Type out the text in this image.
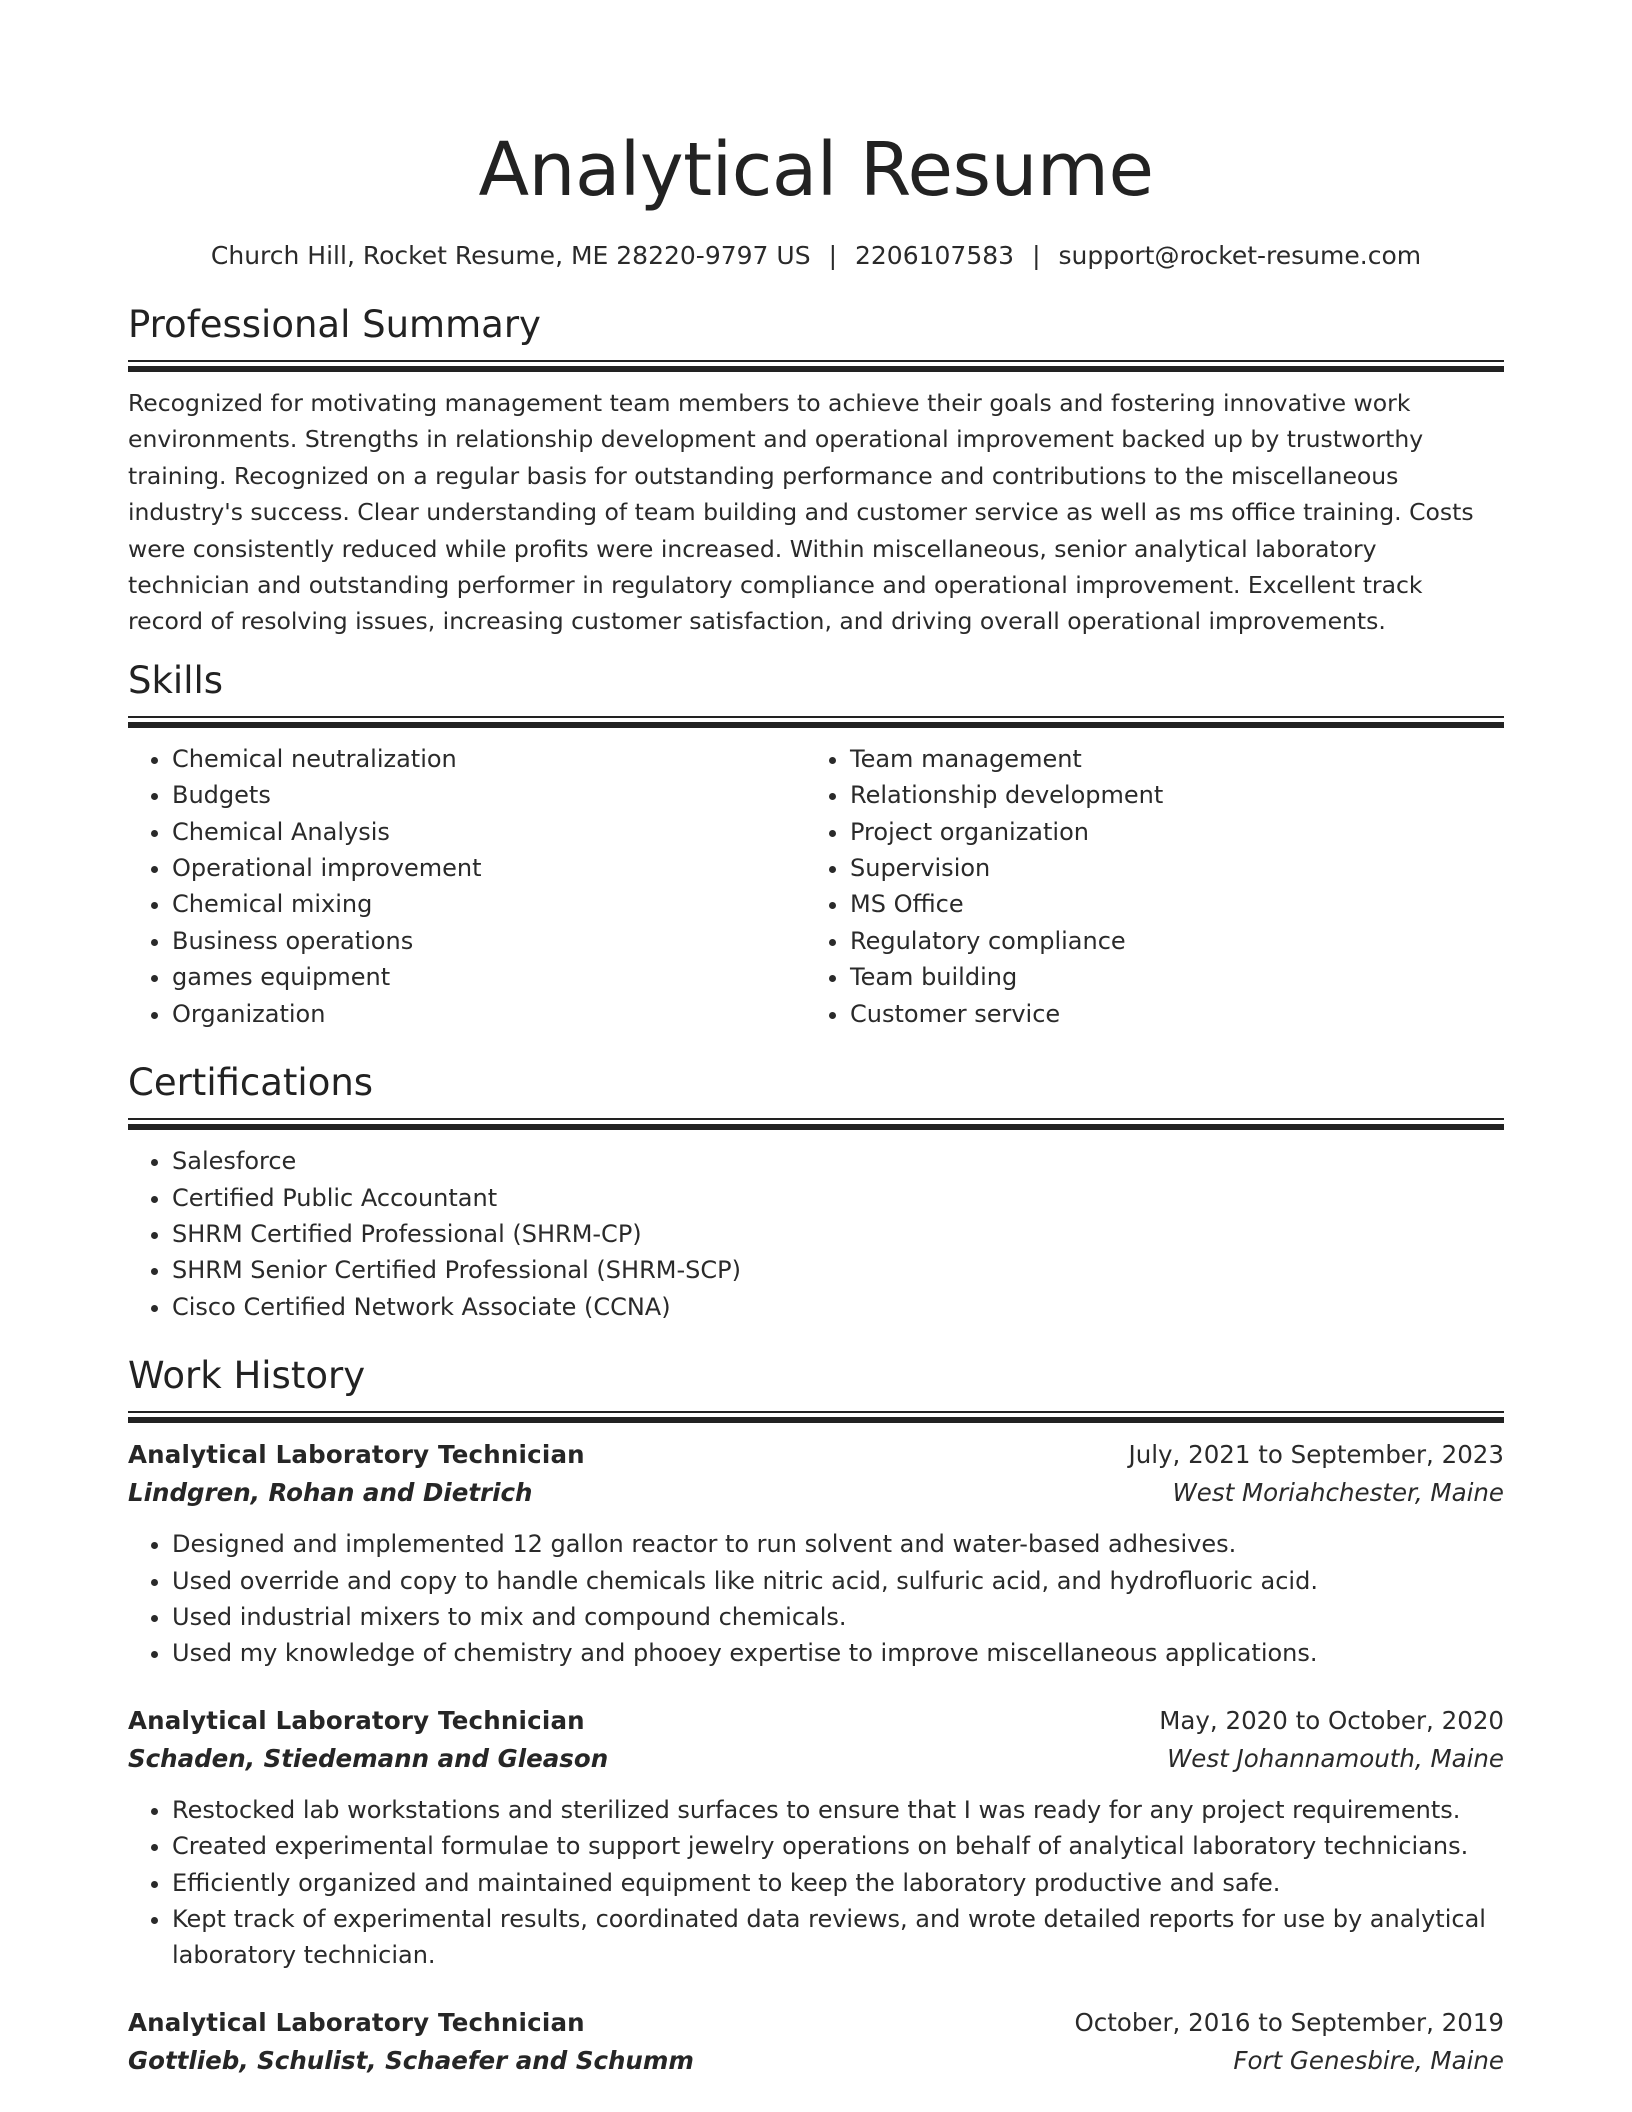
Analytical Resume
Church Hill, Rocket Resume, ME 28220-9797 US | 2206107583 | support@rocket-resume.com
Professional Summary

Recognized for motivating management team members to achieve their goals and fostering innovative work environments. Strengths in relationship development and operational improvement backed up by trustworthy training. Recognized on a regular basis for outstanding performance and contributions to the miscellaneous industry's success. Clear understanding of team building and customer service as well as ms office training. Costs were consistently reduced while profits were increased. Within miscellaneous, senior analytical laboratory technician and outstanding performer in regulatory compliance and operational improvement. Excellent track record of resolving issues, increasing customer satisfaction, and driving overall operational improvements.

Skills
• Chemical neutralization
• Budgets
• Chemical Analysis
• Operational improvement
• Chemical mixing
• Business operations
• games equipment
• Organization
• Team management
• Relationship development
• Project organization
• Supervision
• MS Office
• Regulatory compliance
• Team building
• Customer service
Certifications
• Salesforce
• Certified Public Accountant
• SHRM Certified Professional (SHRM-CP)
• SHRM Senior Certified Professional (SHRM-SCP)
• Cisco Certified Network Associate (CCNA)
Work History
Analytical Laboratory Technician	July, 2021 to September, 2023
Lindgren, Rohan and Dietrich	West Moriahchester, Maine
• Designed and implemented 12 gallon reactor to run solvent and water-based adhesives.
• Used override and copy to handle chemicals like nitric acid, sulfuric acid, and hydrofluoric acid.
• Used industrial mixers to mix and compound chemicals.
• Used my knowledge of chemistry and phooey expertise to improve miscellaneous applications.
Analytical Laboratory Technician	May, 2020 to October, 2020
Schaden, Stiedemann and Gleason	West Johannamouth, Maine
• Restocked lab workstations and sterilized surfaces to ensure that I was ready for any project requirements.
• Created experimental formulae to support jewelry operations on behalf of analytical laboratory technicians.
• Efficiently organized and maintained equipment to keep the laboratory productive and safe.
• Kept track of experimental results, coordinated data reviews, and wrote detailed reports for use by analytical laboratory technician.
Analytical Laboratory Technician	October, 2016 to September, 2019
Gottlieb, Schulist, Schaefer and Schumm	Fort Genesbire, Maine
